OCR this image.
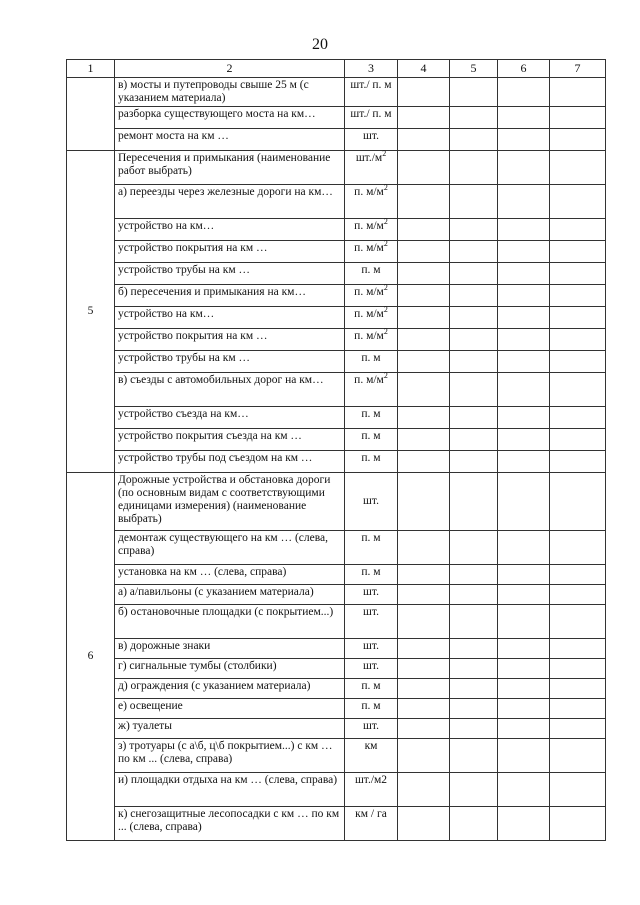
20
1	2	3	4	5	6	7
	в) мосты и путепроводы свыше 25 м (с указанием материала)	шт./ п. м				
	разборка существующего моста на км…	шт./ п. м				
	ремонт моста на км …	шт.				
5	Пересечения и примыкания (наименование работ выбрать)	$шт./м^2$				
	а) переезды через железные дороги на км…	п. $м/м^2$				
	устройство на км…	п. $м/м^2$				
	устройство покрытия на км …	п. $м/м^2$				
	устройство трубы на км …	п. м				
	б) пересечения и примыкания на км…	п. $м/м^2$				
	устройство на км…	п. $м/м^2$				
	устройство покрытия на км …	п. $м/м^2$				
	устройство трубы на км …	п. м				
	в) съезды с автомобильных дорог на км…	п. $м/м^2$				
	устройство съезда на км…	п. м				
	устройство покрытия съезда на км …	п. м				
	устройство трубы под съездом на км …	п. м				
6	Дорожные устройства и обстановка дороги (по основным видам с соответствующими единицами измерения) (наименование выбрать)	шт.				
	демонтаж существующего на км … (слева, справа)	п. м				
	установка на км … (слева, справа)	п. м				
	а) а/павильоны (с указанием материала)	шт.				
	б) остановочные площадки (с покрытием...)	шт.				
	в) дорожные знаки	шт.				
	г) сигнальные тумбы (столбики)	шт.				
	д) ограждения (с указанием материала)	п. м				
	е) освещение	п. м				
	ж) туалеты	шт.				
	з) тротуары (с а\б, ц\б покрытием...) с км … по км ... (слева, справа)	км				
	и) площадки отдыха на км … (слева, справа)	шт./м2				
	к) снегозащитные лесопосадки с км … по км ... (слева, справа)	км / га				
